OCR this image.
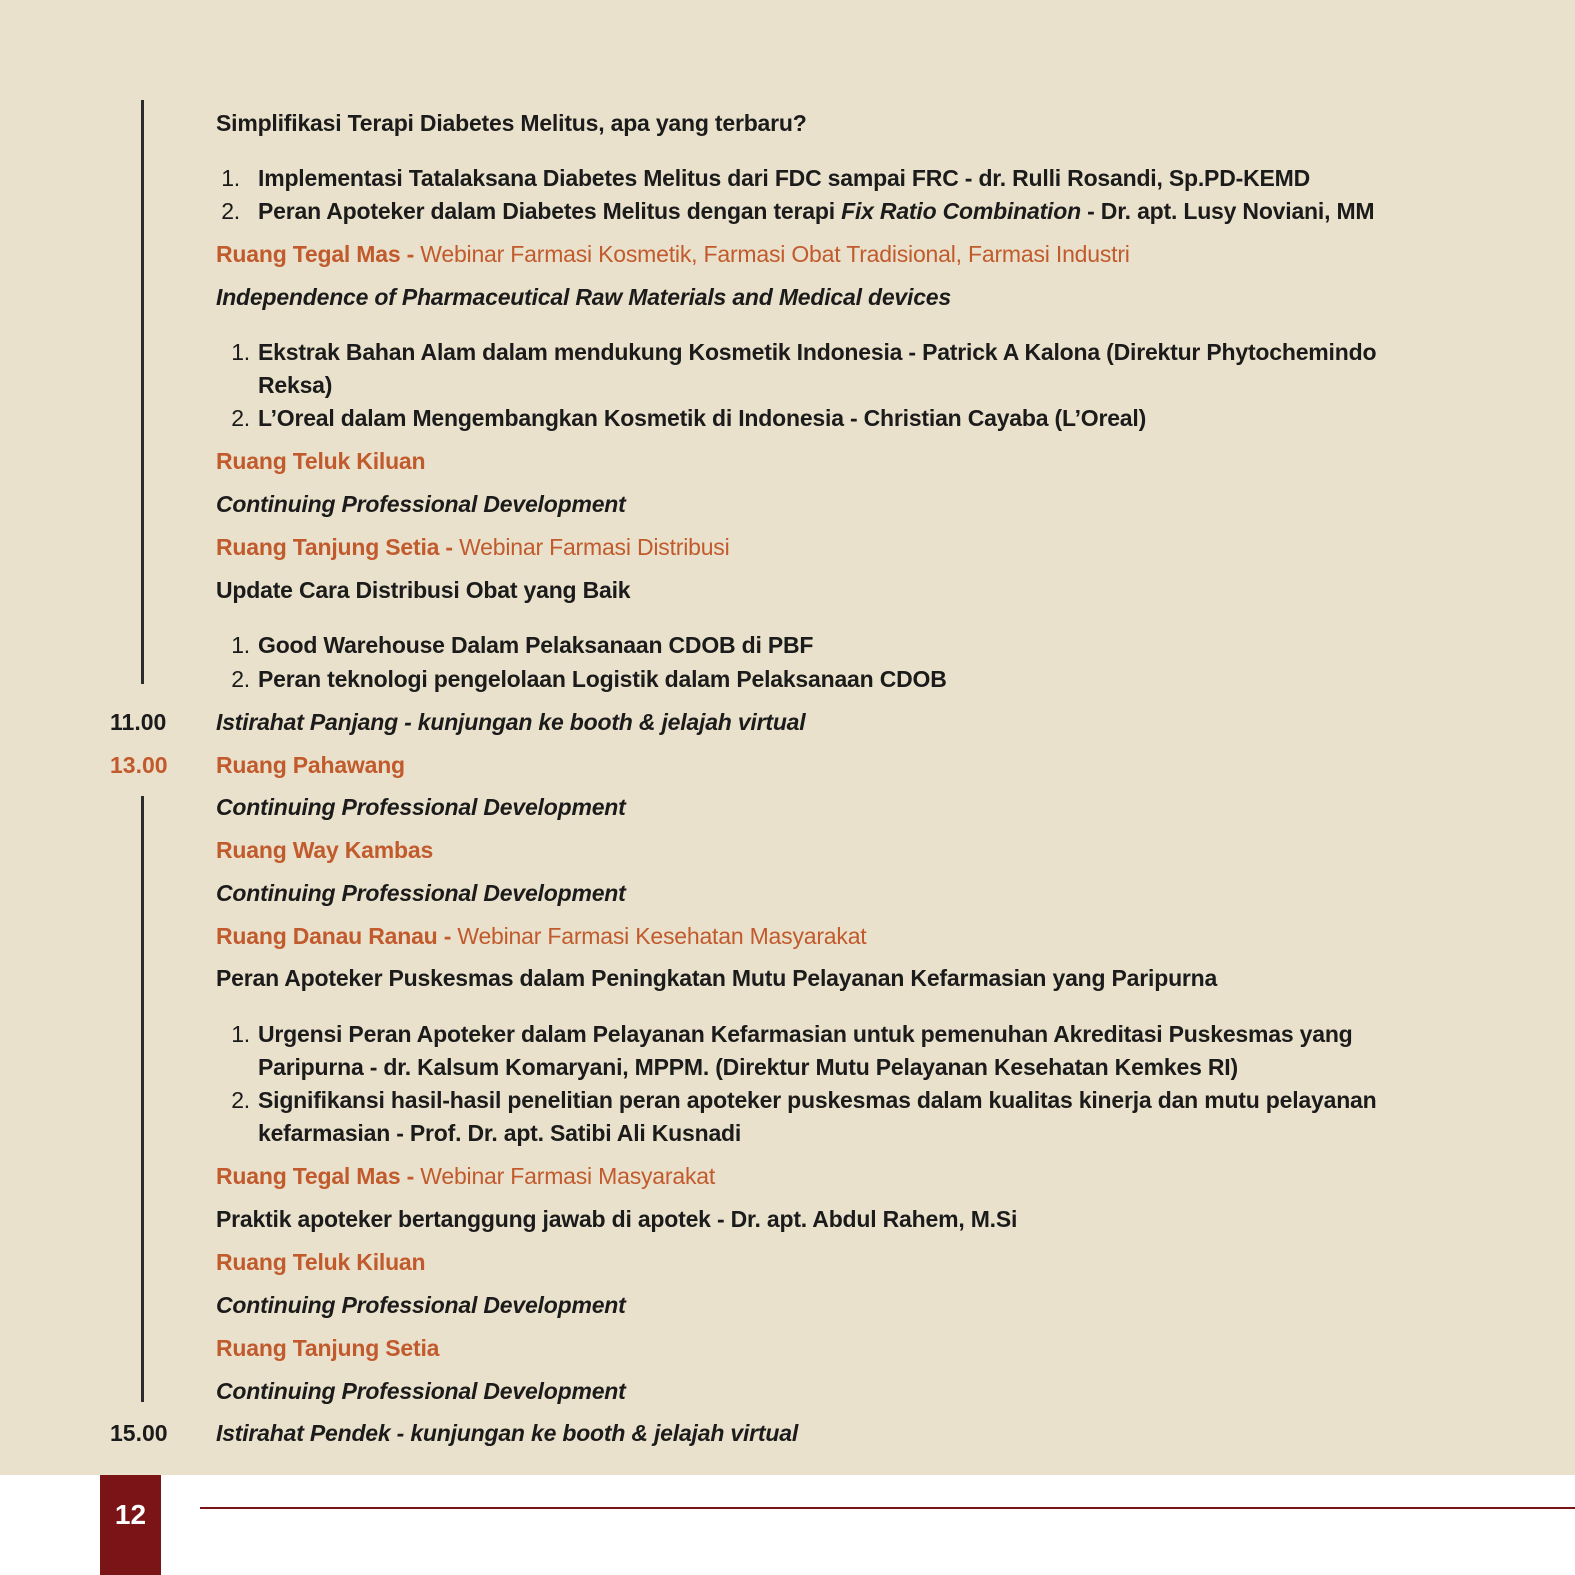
Simplifikasi Terapi Diabetes Melitus, apa yang terbaru?
1. Implementasi Tatalaksana Diabetes Melitus dari FDC sampai FRC - dr. Rulli Rosandi, Sp.PD-KEMD
2. Peran Apoteker dalam Diabetes Melitus dengan terapi Fix Ratio Combination - Dr. apt. Lusy Noviani, MM
Ruang Tegal Mas - Webinar Farmasi Kosmetik, Farmasi Obat Tradisional, Farmasi Industri
Independence of Pharmaceutical Raw Materials and Medical devices
1. Ekstrak Bahan Alam dalam mendukung Kosmetik Indonesia - Patrick A Kalona (Direktur Phytochemindo
Reksa)
2. L’Oreal dalam Mengembangkan Kosmetik di Indonesia - Christian Cayaba (L’Oreal)
Ruang Teluk Kiluan
Continuing Professional Development
Ruang Tanjung Setia - Webinar Farmasi Distribusi
Update Cara Distribusi Obat yang Baik
1. Good Warehouse Dalam Pelaksanaan CDOB di PBF
2. Peran teknologi pengelolaan Logistik dalam Pelaksanaan CDOB
11.00 Istirahat Panjang - kunjungan ke booth & jelajah virtual
13.00 Ruang Pahawang
Continuing Professional Development
Ruang Way Kambas
Continuing Professional Development
Ruang Danau Ranau - Webinar Farmasi Kesehatan Masyarakat
Peran Apoteker Puskesmas dalam Peningkatan Mutu Pelayanan Kefarmasian yang Paripurna
1. Urgensi Peran Apoteker dalam Pelayanan Kefarmasian untuk pemenuhan Akreditasi Puskesmas yang
Paripurna - dr. Kalsum Komaryani, MPPM. (Direktur Mutu Pelayanan Kesehatan Kemkes RI)
2. Signifikansi hasil-hasil penelitian peran apoteker puskesmas dalam kualitas kinerja dan mutu pelayanan
kefarmasian - Prof. Dr. apt. Satibi Ali Kusnadi
Ruang Tegal Mas - Webinar Farmasi Masyarakat
Praktik apoteker bertanggung jawab di apotek - Dr. apt. Abdul Rahem, M.Si
Ruang Teluk Kiluan
Continuing Professional Development
Ruang Tanjung Setia
Continuing Professional Development
15.00 Istirahat Pendek - kunjungan ke booth & jelajah virtual
12
